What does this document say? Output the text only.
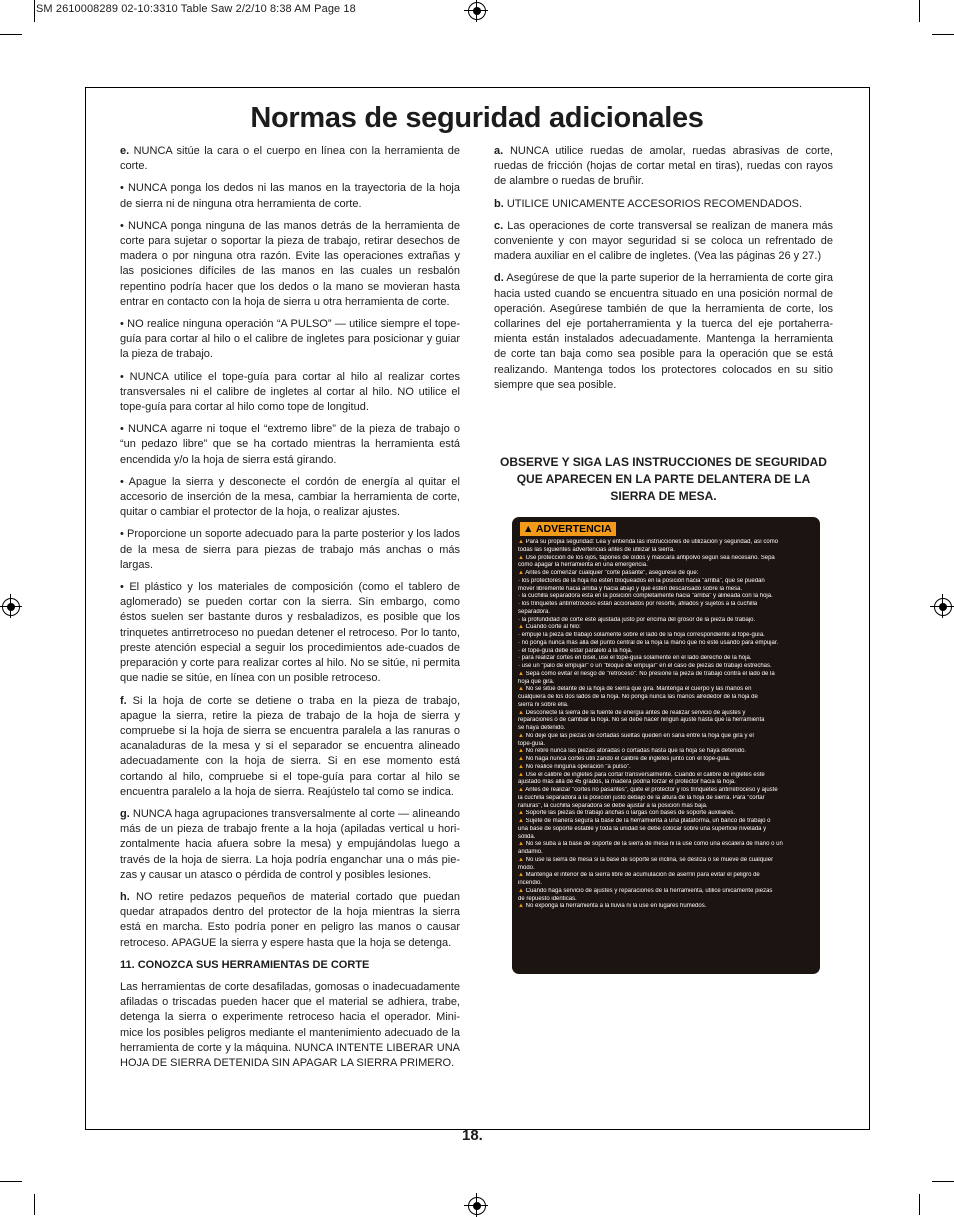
SM 2610008289 02-10:3310 Table Saw 2/2/10 8:38 AM Page 18
Normas de seguridad adicionales

e. NUNCA sitúe la cara o el cuerpo en línea con la herramienta de corte.

• NUNCA ponga los dedos ni las manos en la trayectoria de la hoja de sierra ni de ninguna otra herramienta de corte.

• NUNCA ponga ninguna de las manos detrás de la herramienta de corte para sujetar o soportar la pieza de trabajo, retirar desechos de madera o por ninguna otra razón. Evite las operaciones extrañas y las posiciones difíciles de las manos en las cuales un resbalón repentino podría hacer que los dedos o la mano se movieran hasta entrar en contacto con la hoja de sierra u otra herramienta de corte.

• NO realice ninguna operación “A PULSO” — utilice siempre el tope-guía para cortar al hilo o el calibre de ingletes para posicionar y guiar la pieza de trabajo.

• NUNCA utilice el tope-guía para cortar al hilo al realizar cortes transversales ni el calibre de ingletes al cortar al hilo. NO utilice el tope-guía para cortar al hilo como tope de longitud.

• NUNCA agarre ni toque el “extremo libre” de la pieza de trabajo o “un pedazo libre” que se ha cortado mientras la herramienta está encendida y/o la hoja de sierra está girando.

• Apague la sierra y desconecte el cordón de energía al quitar el accesorio de inserción de la mesa, cambiar la herramienta de corte, quitar o cambiar el protector de la hoja, o realizar ajustes.

• Proporcione un soporte adecuado para la parte posterior y los lados de la mesa de sierra para piezas de trabajo más anchas o más largas.

• El plástico y los materiales de composición (como el tablero de aglomerado) se pueden cortar con la sierra. Sin embargo, como éstos suelen ser bastante duros y resbaladizos, es posible que los trinquetes antirretroceso no puedan detener el retroceso. Por lo tanto, preste atención especial a seguir los procedimientos ade-cuados de preparación y corte para realizar cortes al hilo. No se sitúe, ni permita que nadie se sitúe, en línea con un posible retroceso.

f. Si la hoja de corte se detiene o traba en la pieza de trabajo, apague la sierra, retire la pieza de trabajo de la hoja de sierra y compruebe si la hoja de sierra se encuentra paralela a las ranuras o acanaladuras de la mesa y si el separador se encuentra alineado adecuadamente con la hoja de sierra. Si en ese momento está cortando al hilo, compruebe si el tope-guía para cortar al hilo se encuentra paralelo a la hoja de sierra. Reajústelo tal como se indica.

g. NUNCA haga agrupaciones transversalmente al corte — alineando más de un pieza de trabajo frente a la hoja (apiladas vertical u hori-zontalmente hacia afuera sobre la mesa) y empujándolas luego a través de la hoja de sierra. La hoja podría enganchar una o más pie-zas y causar un atasco o pérdida de control y posibles lesiones.

h. NO retire pedazos pequeños de material cortado que puedan quedar atrapados dentro del protector de la hoja mientras la sierra está en marcha. Esto podría poner en peligro las manos o causar retroceso. APAGUE la sierra y espere hasta que la hoja se detenga.

11. CONOZCA SUS HERRAMIENTAS DE CORTE

Las herramientas de corte desafiladas, gomosas o inadecuadamente afiladas o triscadas pueden hacer que el material se adhiera, trabe, detenga la sierra o experimente retroceso hacia el operador. Mini-mice los posibles peligros mediante el mantenimiento adecuado de la herramienta de corte y la máquina. NUNCA INTENTE LIBERAR UNA HOJA DE SIERRA DETENIDA SIN APAGAR LA SIERRA PRIMERO.

a. NUNCA utilice ruedas de amolar, ruedas abrasivas de corte, ruedas de fricción (hojas de cortar metal en tiras), ruedas con rayos de alambre o ruedas de bruñir.

b. UTILICE UNICAMENTE ACCESORIOS RECOMENDADOS.

c. Las operaciones de corte transversal se realizan de manera más conveniente y con mayor seguridad si se coloca un refrentado de madera auxiliar en el calibre de ingletes. (Vea las páginas 26 y 27.)

d. Asegúrese de que la parte superior de la herramienta de corte gira hacia usted cuando se encuentra situado en una posición normal de operación. Asegúrese también de que la herramienta de corte, los collarines del eje portaherramienta y la tuerca del eje portaherra-mienta están instalados adecuadamente. Mantenga la herramienta de corte tan baja como sea posible para la operación que se está realizando. Mantenga todos los protectores colocados en su sitio siempre que sea posible.

OBSERVE Y SIGA LAS INSTRUCCIONES DE SEGURIDAD QUE APARECEN EN LA PARTE DELANTERA DE LA SIERRA DE MESA.
▲ ADVERTENCIA
▲ Para su propia seguridad: Lea y entienda las instrucciones de utilización y seguridad, así como
todas las siguientes advertencias antes de utilizar la sierra.
▲ Use protección de los ojos, tapones de oídos y máscara antipolvo según sea necesario. Sepa
cómo apagar la herramienta en una emergencia.
▲ Antes de comenzar cualquier "corte pasante", asegúrese de que:
· los protectores de la hoja no estén bloqueados en la posición hacia "arriba", que se puedan
mover libremente hacia arriba y hacia abajo y que estén descansado sobre la mesa.
· la cuchilla separadora esta en la posición completamente hacia "arriba" y alineada con la hoja.
· los trinquetes antirretroceso están accionados por resorte, afilados y sujetos a la cuchilla
separadora.
· la profundidad de corte esté ajustada justo por encima del grosor de la pieza de trabajo.
▲ Cuando corte al hilo:
· empuje la pieza de trabajo solamente sobre el lado de la hoja correspondiente al tope-guía.
· no ponga nunca más allá del punto central de la hoja la mano que no esté usando para empujar.
· el tope-guía debe estar paralelo a la hoja.
· para realizar cortes en bisel, use el tope-guía solamente en el lado derecho de la hoja.
· use un "palo de empujar" o un "bloque de empujar" en el caso de piezas de trabajo estrechas.
▲ Sepa como evitar el riesgo de "retroceso". No presione la pieza de trabajo contra el lado de la
hoja que gira.
▲ No se sitúe delante de la hoja de sierra que gira. Mantenga el cuerpo y las manos en
cualquiera de los dos lados de la hoja. No ponga nunca las manos alrededor de la hoja de
sierra ni sobre ella.
▲ Desconecte la sierra de la fuente de energía antes de realizar servicio de ajustes y
reparaciones o de cambiar la hoja. No se debe hacer ningún ajuste hasta que la herramienta
se haya detenido.
▲ No deje que las piezas de cortadas sueltas queden en saña entre la hoja que gira y el
tope-guía.
▲ No retire nunca las piezas atoradas o cortadas hasta que la hoja se haya detenido.
▲ No haga nunca cortes utili zando el calibre de ingletes junto con el tope-guía.
▲ No realice ninguna operación "a pulso".
▲ Use el calibre de ingletes para cortar transversalmente. Cuando el calibre de ingletes esté
ajustado más allá de 45 grados, la madera podría forzar el protector hacia la hoja.
▲ Antes de realizar "cortes no pasantes", quite el protector y los trinquetes antirretroceso y ajuste
la cuchilla separadora a la posición justo debajo de la altura de la hoja de sierra. Para "cortar
ranuras", la cuchilla separadora se debe ajustar a la posición más baja.
▲ Soporte las piezas de trabajo anchas o largas con bases de soporte auxiliares.
▲ Sujete de manera segura la base de la herramienta a una plataforma, un banco de trabajo o
una base de soporte estable y toda la unidad se debe colocar sobre una superficie nivelada y
sólida.
▲ No se suba a la base de soporte de la sierra de mesa ni la use como una escalera de mano o un
andamio.
▲ No use la sierra de mesa si la base de soporte se inclina, se desliza o se mueve de cualquier
modo.
▲ Mantenga el interior de la sierra libre de acumulación de aserrín para evitar el peligro de
incendio.
▲ Cuando haga servicio de ajustes y reparaciones de la herramienta, utilice únicamente piezas
de repuesto idénticas.
▲ No exponga la herramienta a la lluvia ni la use en lugares húmedos.
18.
